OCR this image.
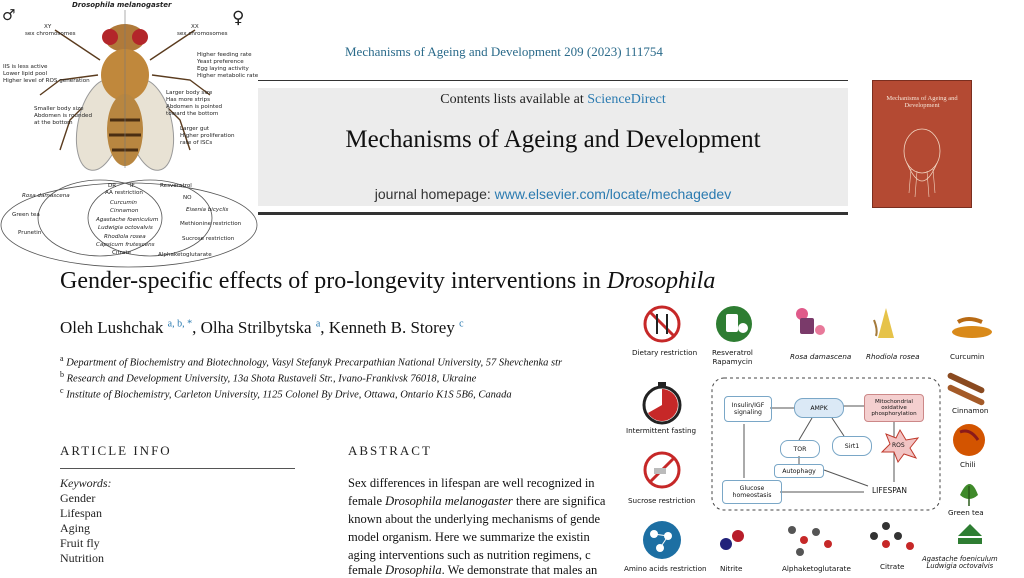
Drosophila melanogaster
♂	♀
XY
sex chromosomes
XX
sex chromosomes
IIS is less active
Lower lipid pool
Higher level of ROS generation
Higher feeding rate
Yeast preference
Egg laying activity
Higher metabolic rate
Smaller body size
Abdomen is rounded
at the bottom
Larger body size
Has more strips
Abdomen is pointed
toward the bottom
Larger gut
Higher proliferation
rate of ISCs
Rosa damascena
Green tea
Prunetin
DR IF
AA restriction
Curcumin
Cinnamon
Agastache foeniculum
Ludwigia octovalvis
Rhodiola rosea
Capsicum frutescens
Citrate
Resveratrol
NO
Eisenia bicyclis
Methionine restriction
Sucrose restriction
Alphaketoglutarate
Mechanisms of Ageing and Development 209 (2023) 111754
Contents lists available at ScienceDirect
Mechanisms of Ageing and Development
journal homepage: www.elsevier.com/locate/mechagedev
Mechanisms of Ageing and Development
Gender-specific effects of pro-longevity interventions in Drosophila
Oleh Lushchak $^{a, b, *}$, Olha Strilbytska $^a$, Kenneth B. Storey $^c$
$^a$ Department of Biochemistry and Biotechnology, Vasyl Stefanyk Precarpathian National University, 57 Shevchenka str
$^b$ Research and Development University, 13a Shota Rustaveli Str., Ivano-Frankivsk 76018, Ukraine
$^c$ Institute of Biochemistry, Carleton University, 1125 Colonel By Drive, Ottawa, Ontario K1S 5B6, Canada
ARTICLE INFO
Keywords:
Gender
Lifespan
Aging
Fruit fly
Nutrition
ABSTRACT
Sex differences in lifespan are well recognized in
female Drosophila melanogaster there are significa
known about the underlying mechanisms of gende
model organism. Here we summarize the existin
aging interventions such as nutrition regimens, c
female Drosophila. We demonstrate that males an
Dietary restriction Resveratrol
Rapamycin
Rosa damascena Rhodiola rosea	Curcumin
Intermittent fasting
Cinnamon
Chili
Sucrose restriction
Green tea
Amino acids restriction Nitrite	Alphaketoglutarate	Citrate
Agastache foeniculum
Ludwigia octovalvis
Insulin/IGF
signaling
AMPK
Mitochondrial
oxidative
phosphorylation
TOR	Sirt1	ROS
Autophagy
Glucose
homeostasis
LIFESPAN
